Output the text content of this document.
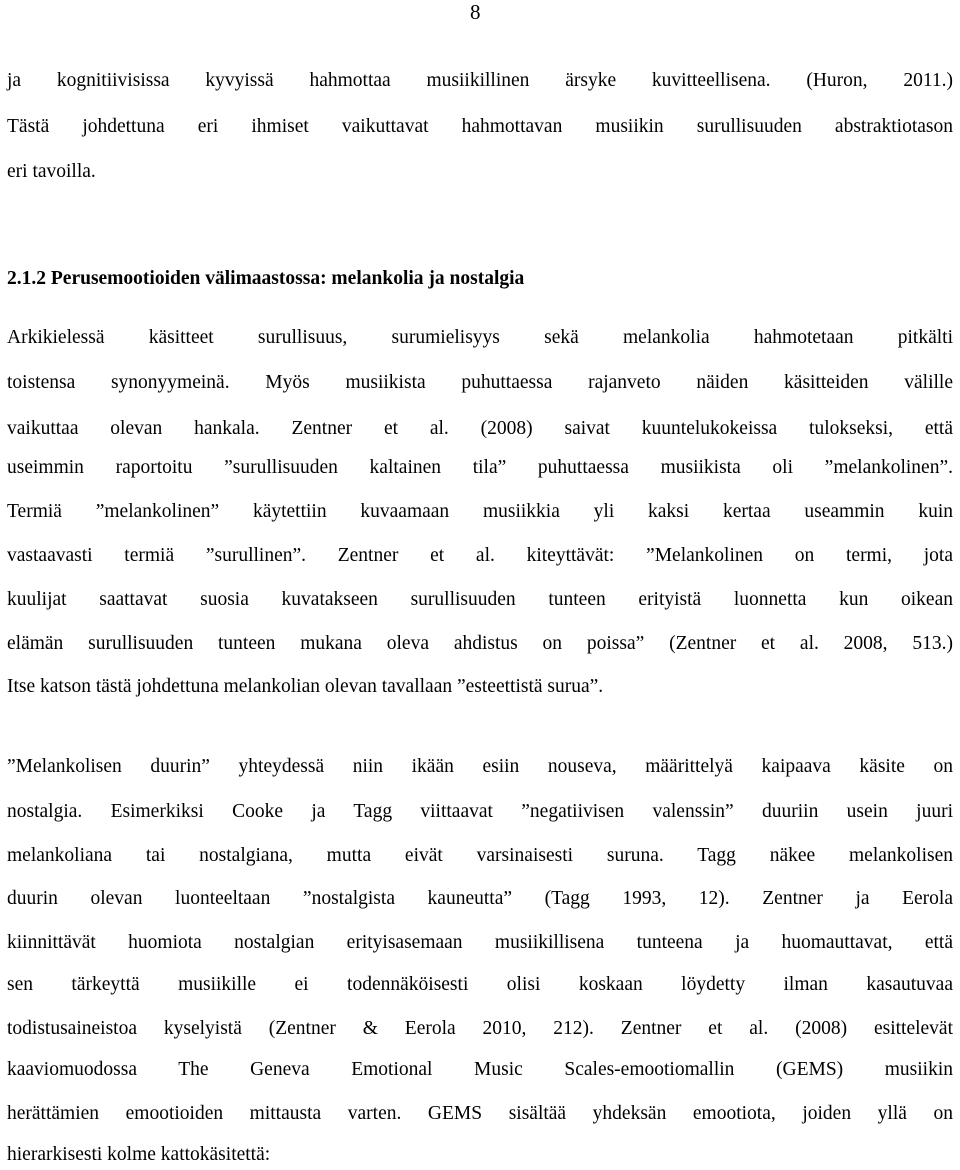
8
ja kognitiivisissa kyvyissä hahmottaa musiikillinen ärsyke kuvitteellisena. (Huron, 2011.)
Tästä johdettuna eri ihmiset vaikuttavat hahmottavan musiikin surullisuuden abstraktiotason
eri tavoilla.
2.1.2 Perusemootioiden välimaastossa: melankolia ja nostalgia
Arkikielessä käsitteet surullisuus, surumielisyys sekä melankolia hahmotetaan pitkälti
toistensa synonyymeinä. Myös musiikista puhuttaessa rajanveto näiden käsitteiden välille
vaikuttaa olevan hankala. Zentner et al. (2008) saivat kuuntelukokeissa tulokseksi, että
useimmin raportoitu ”surullisuuden kaltainen tila” puhuttaessa musiikista oli ”melankolinen”.
Termiä ”melankolinen” käytettiin kuvaamaan musiikkia yli kaksi kertaa useammin kuin
vastaavasti termiä ”surullinen”. Zentner et al. kiteyttävät: ”Melankolinen on termi, jota
kuulijat saattavat suosia kuvatakseen surullisuuden tunteen erityistä luonnetta kun oikean
elämän surullisuuden tunteen mukana oleva ahdistus on poissa” (Zentner et al. 2008, 513.)
Itse katson tästä johdettuna melankolian olevan tavallaan ”esteettistä surua”.
”Melankolisen duurin” yhteydessä niin ikään esiin nouseva, määrittelyä kaipaava käsite on
nostalgia. Esimerkiksi Cooke ja Tagg viittaavat ”negatiivisen valenssin” duuriin usein juuri
melankoliana tai nostalgiana, mutta eivät varsinaisesti suruna. Tagg näkee melankolisen
duurin olevan luonteeltaan ”nostalgista kauneutta” (Tagg 1993, 12). Zentner ja Eerola
kiinnittävät huomiota nostalgian erityisasemaan musiikillisena tunteena ja huomauttavat, että
sen tärkeyttä musiikille ei todennäköisesti olisi koskaan löydetty ilman kasautuvaa
todistusaineistoa kyselyistä (Zentner & Eerola 2010, 212). Zentner et al. (2008) esittelevät
kaaviomuodossa The Geneva Emotional Music Scales-emootiomallin (GEMS) musiikin
herättämien emootioiden mittausta varten. GEMS sisältää yhdeksän emootiota, joiden yllä on
hierarkisesti kolme kattokäsitettä:
